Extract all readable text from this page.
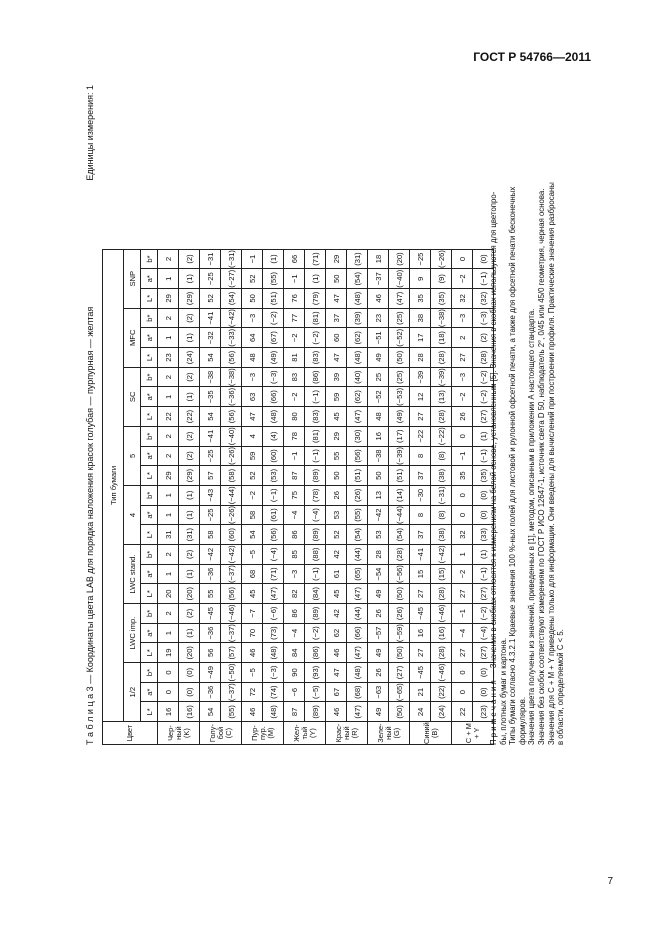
ГОСТ Р 54766—2011
Т а б л и ц а 3 — Координаты цвета LAB для порядка наложения красок голубая — пурпурная — желтая
Единицы измерения: 1
Цвет	Тип бумаги																							
	1/2			LWC imp.			LWC stand.			4			5			SC			MFC			SNP		
	L*	a*	b*	L*	a*	b*	L*	a*	b*	L*	a*	b*	L*	a*	b*	L*	a*	b*	L*	a*	b*	L*	a*	b*
Чер- ный (K)	16	0	0	19	1	2	20	1	2	31	1	1	29	2	2	22	1	2	23	1	2	29	1	2
	(16)	(0)	(0)	(20)	(1)	(2)	(20)	(1)	(2)	(31)	(1)	(1)	(29)	(2)	(2)	(22)	(1)	(2)	(24)	(1)	(2)	(29)	(1)	(2)
Голу- бой (C)	54	−36	−49	56	−36	−45	55	−36	−42	58	−25	−43	57	−25	−41	54	−35	−38	54	−32	−41	52	−25	−31
	(55)	(−37)	(−50)	(57)	(−37)	(−46)	(56)	(−37)	(−42)	(60)	(−26)	(−44)	(58)	(−26)	(−40)	(56)	(−36)	(−38)	(56)	(−33)	(−42)	(54)	(−27)	(−31)
Пур- пур. (M)	46	72	−5	46	70	−7	45	68	−5	54	58	−2	52	59	4	47	63	−3	48	64	−3	50	52	−1
	(48)	(74)	(−3)	(48)	(73)	(−6)	(47)	(71)	(−4)	(56)	(61)	(−1)	(53)	(60)	(4)	(48)	(66)	(−3)	(49)	(67)	(−2)	(51)	(55)	(1)
Жел- тый (Y)	87	−6	90	84	−4	86	82	−3	85	86	−4	75	87	−1	78	80	−2	83	81	−2	77	76	−1	66
	(89)	(−5)	(93)	(86)	(−2)	(89)	(84)	(−1)	(88)	(89)	(−4)	(78)	(89)	(−1)	(81)	(83)	(−1)	(86)	(83)	(−2)	(81)	(79)	(1)	(71)
Крас- ный (R)	46	67	47	46	62	42	45	61	42	52	53	26	50	55	29	45	59	39	47	60	37	47	50	29
	(47)	(68)	(48)	(47)	(66)	(44)	(47)	(65)	(44)	(54)	(55)	(26)	(51)	(56)	(30)	(47)	(62)	(40)	(48)	(62)	(39)	(48)	(54)	(31)
Зеле- ный (G)	49	−63	26	49	−57	26	49	−54	28	53	−42	13	50	−38	16	48	−52	25	49	−51	23	46	−37	18
	(50)	(−65)	(27)	(50)	(−59)	(26)	(50)	(−56)	(28)	(54)	(−44)	(14)	(51)	(−39)	(17)	(49)	(−53)	(25)	(50)	(−52)	(25)	(47)	(−40)	(20)
Синий (B)	24	21	−45	27	16	−45	27	15	−41	37	8	−30	37	8	−22	27	12	−39	28	17	38	35	9	−25
	(24)	(22)	(−46)	(28)	(16)	(−46)	(28)	(15)	(−42)	(38)	(8)	(−31)	(38)	(8)	(−22)	(28)	(13)	(−39)	(28)	(18)	(−38)	(35)	(9)	(−26)
C + M + Y	22	0	0	27	−4	−1	27	−2	1	32	0	0	35	−1	0	26	−2	−3	27	2	−3	32	−2	0
	(23)	(0)	(0)	(27)	(−4)	(−2)	(27)	(−1)	(1)	(33)	(0)	(0)	(35)	(−1)	(1)	(27)	(−2)	(−2)	(28)	(2)	(−3)	(32)	(−1)	(0) П р и м е ч а н и я — Значения в скобках относятся к измерениям на белой основе, установленным [5]. Значения в скобках используются для цветопро- бы, плотных бумаг и картона. Типы бумаги согласно 4.3.2.1 Краевые значения 100 %-ных полей для листовой и рулонной офсетной печати, а также для офсетной печати бесконечных формуляров. Значения цвета получены из значений, приведенных в [1], методом, описанным в приложении А настоящего стандарта. Значения без скобок соответствуют измерениям по ГОСТ Р ИСО 12647-1, источник света D 50, наблюдатель 2°, 0/45 или 45/0 геометрия, черная основа. Значения для C + M + Y приведены только для информации. Они введены для вычислений при построении профиля. Практические значения разбросаны в области, определяемой C < 5.

7
